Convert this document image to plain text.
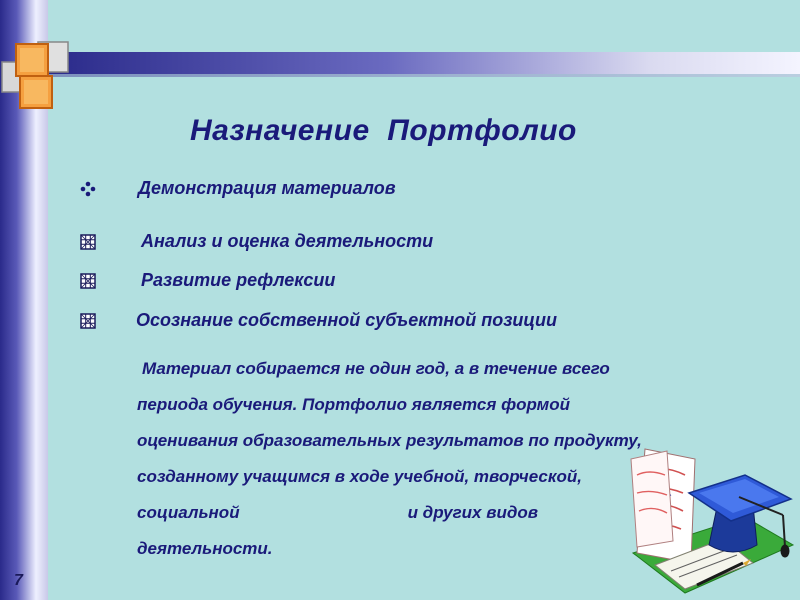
Назначение  Портфолио
Демонстрация материалов
Анализ и оценка деятельности
Развитие рефлексии
Осознание собственной субъектной позиции
Материал собирается не один год, а в течение всего
периода обучения. Портфолио является формой
оценивания образовательных результатов по продукту,
созданному учащимся в ходе учебной, творческой,
социальной	и других видов
деятельности.
7
